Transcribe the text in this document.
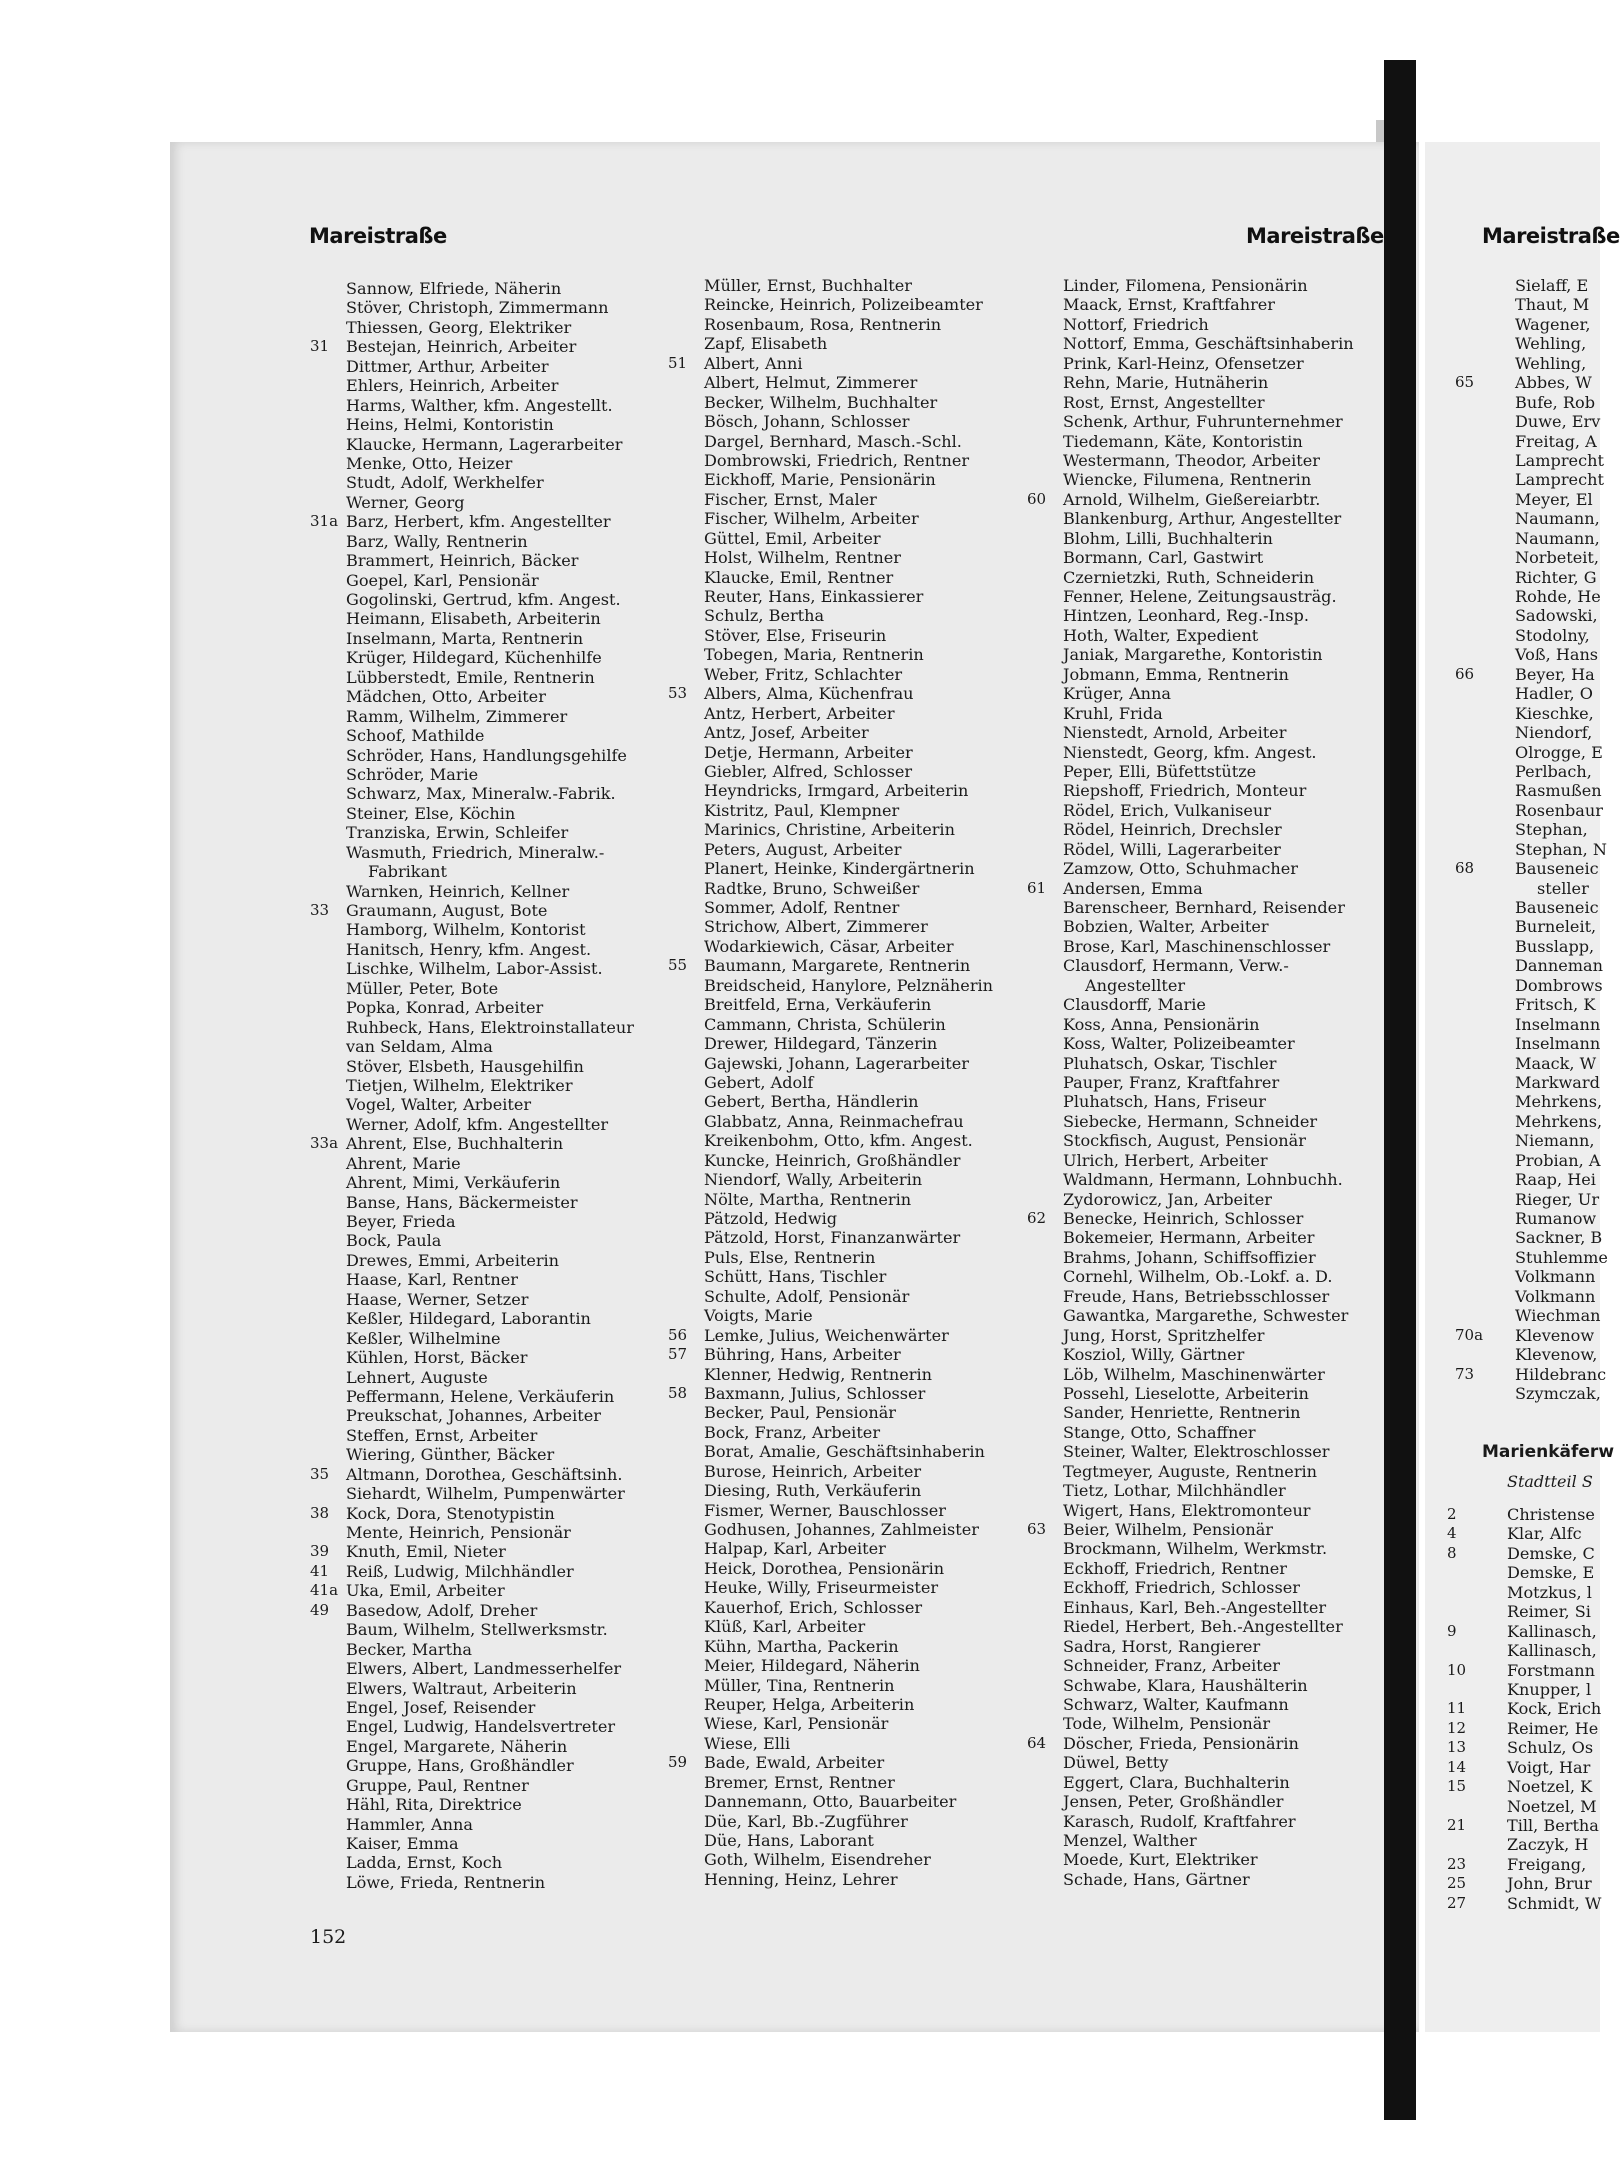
Mareistraße	Mareistraße
Sannow, Elfriede, Näherin
Stöver, Christoph, Zimmermann
Thiessen, Georg, Elektriker
31	Bestejan, Heinrich, Arbeiter
Dittmer, Arthur, Arbeiter
Ehlers, Heinrich, Arbeiter
Harms, Walther, kfm. Angestellt.
Heins, Helmi, Kontoristin
Klaucke, Hermann, Lagerarbeiter
Menke, Otto, Heizer
Studt, Adolf, Werkhelfer
Werner, Georg
31a Barz, Herbert, kfm. Angestellter
Barz, Wally, Rentnerin
Brammert, Heinrich, Bäcker
Goepel, Karl, Pensionär
Gogolinski, Gertrud, kfm. Angest.
Heimann, Elisabeth, Arbeiterin
Inselmann, Marta, Rentnerin
Krüger, Hildegard, Küchenhilfe
Lübberstedt, Emile, Rentnerin
Mädchen, Otto, Arbeiter
Ramm, Wilhelm, Zimmerer
Schoof, Mathilde
Schröder, Hans, Handlungsgehilfe
Schröder, Marie
Schwarz, Max, Mineralw.-Fabrik.
Steiner, Else, Köchin
Tranziska, Erwin, Schleifer
Wasmuth, Friedrich, Mineralw.-
Fabrikant
Warnken, Heinrich, Kellner
33	Graumann, August, Bote
Hamborg, Wilhelm, Kontorist
Hanitsch, Henry, kfm. Angest.
Lischke, Wilhelm, Labor-Assist.
Müller, Peter, Bote
Popka, Konrad, Arbeiter
Ruhbeck, Hans, Elektroinstallateur
van Seldam, Alma
Stöver, Elsbeth, Hausgehilfin
Tietjen, Wilhelm, Elektriker
Vogel, Walter, Arbeiter
Werner, Adolf, kfm. Angestellter
33a Ahrent, Else, Buchhalterin
Ahrent, Marie
Ahrent, Mimi, Verkäuferin
Banse, Hans, Bäckermeister
Beyer, Frieda
Bock, Paula
Drewes, Emmi, Arbeiterin
Haase, Karl, Rentner
Haase, Werner, Setzer
Keßler, Hildegard, Laborantin
Keßler, Wilhelmine
Kühlen, Horst, Bäcker
Lehnert, Auguste
Peffermann, Helene, Verkäuferin
Preukschat, Johannes, Arbeiter
Steffen, Ernst, Arbeiter
Wiering, Günther, Bäcker
35	Altmann, Dorothea, Geschäftsinh.
Siehardt, Wilhelm, Pumpenwärter
38	Kock, Dora, Stenotypistin
Mente, Heinrich, Pensionär
39	Knuth, Emil, Nieter
41	Reiß, Ludwig, Milchhändler
41a Uka, Emil, Arbeiter
49	Basedow, Adolf, Dreher
Baum, Wilhelm, Stellwerksmstr.
Becker, Martha
Elwers, Albert, Landmesserhelfer
Elwers, Waltraut, Arbeiterin
Engel, Josef, Reisender
Engel, Ludwig, Handelsvertreter
Engel, Margarete, Näherin
Gruppe, Hans, Großhändler
Gruppe, Paul, Rentner
Hähl, Rita, Direktrice
Hammler, Anna
Kaiser, Emma
Ladda, Ernst, Koch
Löwe, Frieda, Rentnerin
Müller, Ernst, Buchhalter
Reincke, Heinrich, Polizeibeamter
Rosenbaum, Rosa, Rentnerin
Zapf, Elisabeth
51	Albert, Anni
Albert, Helmut, Zimmerer
Becker, Wilhelm, Buchhalter
Bösch, Johann, Schlosser
Dargel, Bernhard, Masch.-Schl.
Dombrowski, Friedrich, Rentner
Eickhoff, Marie, Pensionärin
Fischer, Ernst, Maler
Fischer, Wilhelm, Arbeiter
Güttel, Emil, Arbeiter
Holst, Wilhelm, Rentner
Klaucke, Emil, Rentner
Reuter, Hans, Einkassierer
Schulz, Bertha
Stöver, Else, Friseurin
Tobegen, Maria, Rentnerin
Weber, Fritz, Schlachter
53	Albers, Alma, Küchenfrau
Antz, Herbert, Arbeiter
Antz, Josef, Arbeiter
Detje, Hermann, Arbeiter
Giebler, Alfred, Schlosser
Heyndricks, Irmgard, Arbeiterin
Kistritz, Paul, Klempner
Marinics, Christine, Arbeiterin
Peters, August, Arbeiter
Planert, Heinke, Kindergärtnerin
Radtke, Bruno, Schweißer
Sommer, Adolf, Rentner
Strichow, Albert, Zimmerer
Wodarkiewich, Cäsar, Arbeiter
55	Baumann, Margarete, Rentnerin
Breidscheid, Hanylore, Pelznäherin
Breitfeld, Erna, Verkäuferin
Cammann, Christa, Schülerin
Drewer, Hildegard, Tänzerin
Gajewski, Johann, Lagerarbeiter
Gebert, Adolf
Gebert, Bertha, Händlerin
Glabbatz, Anna, Reinmachefrau
Kreikenbohm, Otto, kfm. Angest.
Kuncke, Heinrich, Großhändler
Niendorf, Wally, Arbeiterin
Nölte, Martha, Rentnerin
Pätzold, Hedwig
Pätzold, Horst, Finanzanwärter
Puls, Else, Rentnerin
Schütt, Hans, Tischler
Schulte, Adolf, Pensionär
Voigts, Marie
56	Lemke, Julius, Weichenwärter
57	Bühring, Hans, Arbeiter
Klenner, Hedwig, Rentnerin
58	Baxmann, Julius, Schlosser
Becker, Paul, Pensionär
Bock, Franz, Arbeiter
Borat, Amalie, Geschäftsinhaberin
Burose, Heinrich, Arbeiter
Diesing, Ruth, Verkäuferin
Fismer, Werner, Bauschlosser
Godhusen, Johannes, Zahlmeister
Halpap, Karl, Arbeiter
Heick, Dorothea, Pensionärin
Heuke, Willy, Friseurmeister
Kauerhof, Erich, Schlosser
Klüß, Karl, Arbeiter
Kühn, Martha, Packerin
Meier, Hildegard, Näherin
Müller, Tina, Rentnerin
Reuper, Helga, Arbeiterin
Wiese, Karl, Pensionär
Wiese, Elli
59	Bade, Ewald, Arbeiter
Bremer, Ernst, Rentner
Dannemann, Otto, Bauarbeiter
Düe, Karl, Bb.-Zugführer
Düe, Hans, Laborant
Goth, Wilhelm, Eisendreher
Henning, Heinz, Lehrer
Linder, Filomena, Pensionärin
Maack, Ernst, Kraftfahrer
Nottorf, Friedrich
Nottorf, Emma, Geschäftsinhaberin
Prink, Karl-Heinz, Ofensetzer
Rehn, Marie, Hutnäherin
Rost, Ernst, Angestellter
Schenk, Arthur, Fuhrunternehmer
Tiedemann, Käte, Kontoristin
Westermann, Theodor, Arbeiter
Wiencke, Filumena, Rentnerin
60	Arnold, Wilhelm, Gießereiarbtr.
Blankenburg, Arthur, Angestellter
Blohm, Lilli, Buchhalterin
Bormann, Carl, Gastwirt
Czernietzki, Ruth, Schneiderin
Fenner, Helene, Zeitungsausträg.
Hintzen, Leonhard, Reg.-Insp.
Hoth, Walter, Expedient
Janiak, Margarethe, Kontoristin
Jobmann, Emma, Rentnerin
Krüger, Anna
Kruhl, Frida
Nienstedt, Arnold, Arbeiter
Nienstedt, Georg, kfm. Angest.
Peper, Elli, Büfettstütze
Riepshoff, Friedrich, Monteur
Rödel, Erich, Vulkaniseur
Rödel, Heinrich, Drechsler
Rödel, Willi, Lagerarbeiter
Zamzow, Otto, Schuhmacher
61	Andersen, Emma
Barenscheer, Bernhard, Reisender
Bobzien, Walter, Arbeiter
Brose, Karl, Maschinenschlosser
Clausdorf, Hermann, Verw.-
Angestellter
Clausdorff, Marie
Koss, Anna, Pensionärin
Koss, Walter, Polizeibeamter
Pluhatsch, Oskar, Tischler
Pauper, Franz, Kraftfahrer
Pluhatsch, Hans, Friseur
Siebecke, Hermann, Schneider
Stockfisch, August, Pensionär
Ulrich, Herbert, Arbeiter
Waldmann, Hermann, Lohnbuchh.
Zydorowicz, Jan, Arbeiter
62	Benecke, Heinrich, Schlosser
Bokemeier, Hermann, Arbeiter
Brahms, Johann, Schiffsoffizier
Cornehl, Wilhelm, Ob.-Lokf. a. D.
Freude, Hans, Betriebsschlosser
Gawantka, Margarethe, Schwester
Jung, Horst, Spritzhelfer
Kosziol, Willy, Gärtner
Löb, Wilhelm, Maschinenwärter
Possehl, Lieselotte, Arbeiterin
Sander, Henriette, Rentnerin
Stange, Otto, Schaffner
Steiner, Walter, Elektroschlosser
Tegtmeyer, Auguste, Rentnerin
Tietz, Lothar, Milchhändler
Wigert, Hans, Elektromonteur
63	Beier, Wilhelm, Pensionär
Brockmann, Wilhelm, Werkmstr.
Eckhoff, Friedrich, Rentner
Eckhoff, Friedrich, Schlosser
Einhaus, Karl, Beh.-Angestellter
Riedel, Herbert, Beh.-Angestellter
Sadra, Horst, Rangierer
Schneider, Franz, Arbeiter
Schwabe, Klara, Haushälterin
Schwarz, Walter, Kaufmann
Tode, Wilhelm, Pensionär
64	Döscher, Frieda, Pensionärin
Düwel, Betty
Eggert, Clara, Buchhalterin
Jensen, Peter, Großhändler
Karasch, Rudolf, Kraftfahrer
Menzel, Walther
Moede, Kurt, Elektriker
Schade, Hans, Gärtner
152
Mareistraße
Sielaff, E
Thaut, M
Wagener,
Wehling,
Wehling,
65	Abbes, W
Bufe, Rob
Duwe, Erv
Freitag, A
Lamprecht
Lamprecht
Meyer, El
Naumann,
Naumann,
Norbeteit,
Richter, G
Rohde, He
Sadowski,
Stodolny,
Voß, Hans
66	Beyer, Ha
Hadler, O
Kieschke,
Niendorf,
Olrogge, E
Perlbach,
Rasmußen
Rosenbaur
Stephan,
Stephan, N
68	Bauseneic
steller
Bauseneic
Burneleit,
Busslapp,
Danneman
Dombrows
Fritsch, K
Inselmann
Inselmann
Maack, W
Markward
Mehrkens,
Mehrkens,
Niemann,
Probian, A
Raap, Hei
Rieger, Ur
Rumanow
Sackner, B
Stuhlemme
Volkmann
Volkmann
Wiechman
70a	Klevenow
Klevenow,
73	Hildebranc
Szymczak,
Marienkäferw
Stadtteil S
2	Christense
4	Klar, Alfc
8	Demske, C
Demske, E
Motzkus, l
Reimer, Si
9	Kallinasch,
Kallinasch,
10	Forstmann
Knupper, l
11	Kock, Erich
12	Reimer, He
13	Schulz, Os
14	Voigt, Har
15	Noetzel, K
Noetzel, M
21	Till, Bertha
Zaczyk, H
23	Freigang,
25	John, Brur
27	Schmidt, W
